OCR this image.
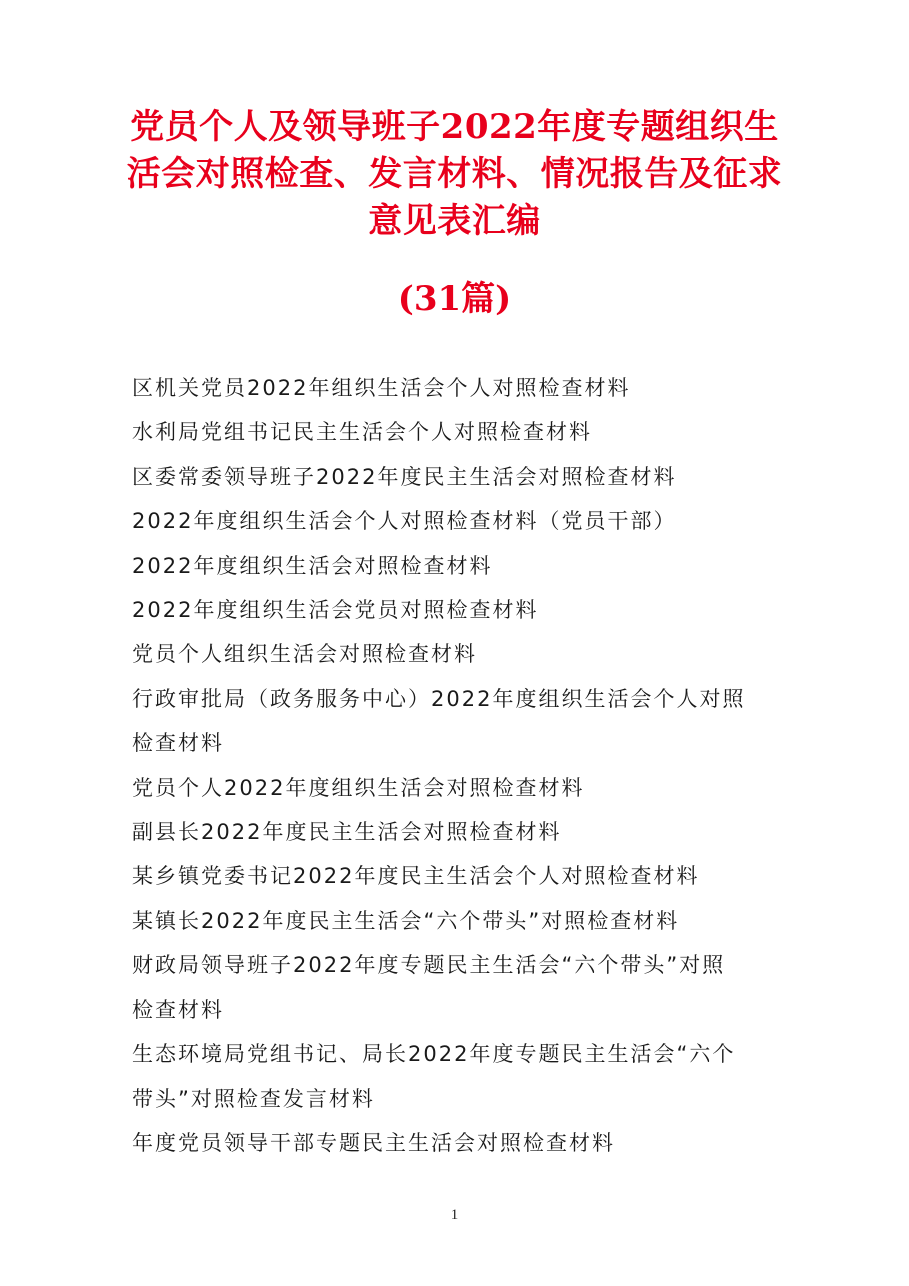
党员个人及领导班子2022年度专题组织生
活会对照检查、发言材料、情况报告及征求
意见表汇编
(31篇)
区机关党员2022年组织生活会个人对照检查材料
水利局党组书记民主生活会个人对照检查材料
区委常委领导班子2022年度民主生活会对照检查材料
2022年度组织生活会个人对照检查材料（党员干部）
2022年度组织生活会对照检查材料
2022年度组织生活会党员对照检查材料
党员个人组织生活会对照检查材料
行政审批局（政务服务中心）2022年度组织生活会个人对照
检查材料
党员个人2022年度组织生活会对照检查材料
副县长2022年度民主生活会对照检查材料
某乡镇党委书记2022年度民主生活会个人对照检查材料
某镇长2022年度民主生活会“六个带头”对照检查材料
财政局领导班子2022年度专题民主生活会“六个带头”对照
检查材料
生态环境局党组书记、局长2022年度专题民主生活会“六个
带头”对照检查发言材料
年度党员领导干部专题民主生活会对照检查材料
1
